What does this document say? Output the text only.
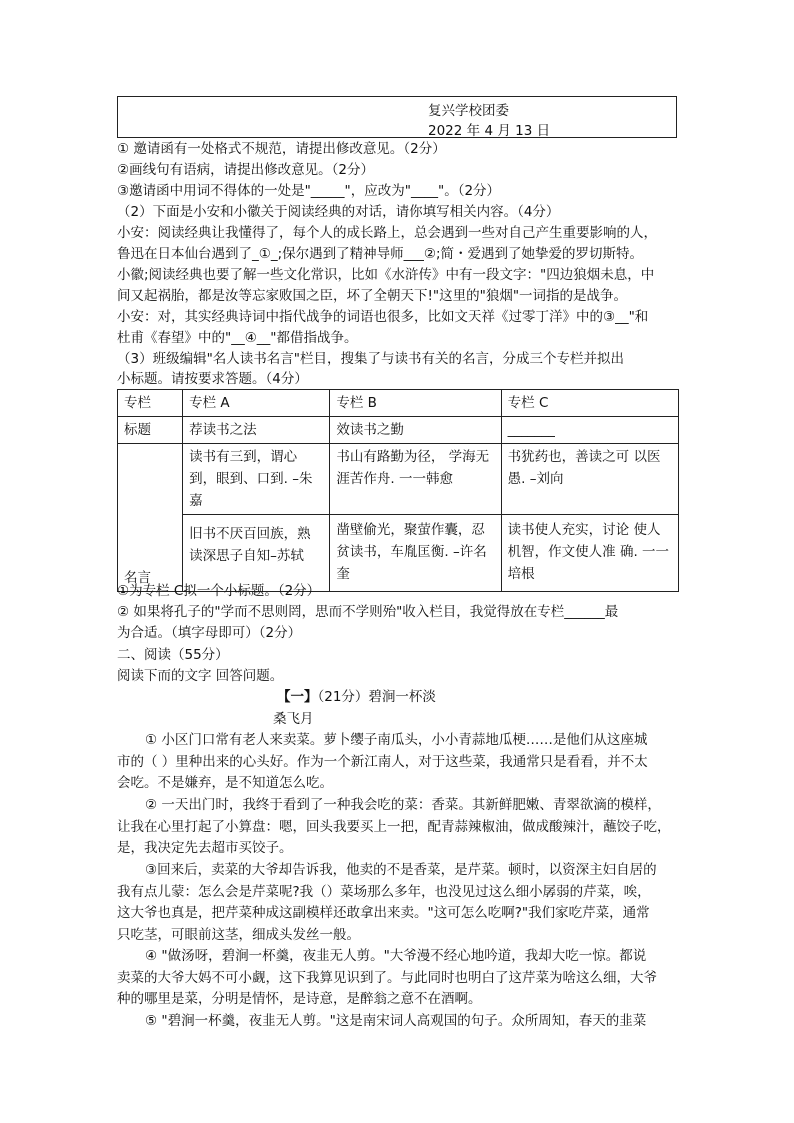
复兴学校团委
2022 年 4 月 13 日
① 邀请函有一处格式不规范，请提出修改意见。（2分）
②画线句有语病，请提出修改意见。（2分）
③邀请函中用词不得体的一处是"_____"，应改为"____"。（2分）
（2）下面是小安和小徽关于阅读经典的对话，请你填写相关内容。（4分）
小安：阅读经典让我懂得了，每个人的成长路上，总会遇到一些对自己产生重要影响的人，
鲁迅在日本仙台遇到了_①_;保尔遇到了精神导师___②;简・爱遇到了她挚爱的罗切斯特。
小徽;阅读经典也要了解一些文化常识，比如《水浒传》中有一段文字："四边狼烟未息，中
间又起祸胎，都是汝等忘家败国之臣，坏了全朝天下!"这里的"狼烟"一词指的是战争。
小安：对，其实经典诗词中指代战争的词语也很多，比如文天祥《过零丁洋》中的③__"和
杜甫《春望》中的"__④__"都借指战争。
（3）班级编辑"名人读书名言"栏目，搜集了与读书有关的名言，分成三个专栏并拟出
小标题。请按要求答题。（4分）
专栏	专栏 A	专栏 B	专栏 C
标题	荐读书之法	效读书之勤	_______
名言	读书有三到，谓心到，眼到、口到. –朱嘉	书山有路勤为径， 学海无涯苦作舟. 一一韩愈	书犹药也，善读之可 以医愚. –刘向
	旧书不厌百回族，熟读深思子自知–苏轼	凿壁偷光，聚萤作囊，忍贫读书，车胤匡衡. –许名奎	读书使人充实，讨论 使人机智，作文使人准 确. 一一培根
①为专栏 C拟一个小标题。（2分）
② 如果将孔子的"学而不思则罔，思而不学则殆"收入栏目，我觉得放在专栏______最
为合适。（填字母即可）（2分）
二、阅读（55分）
阅读下而的文字 回答问题。
【一】（21分）碧涧一杯淡
桑飞月
① 小区门口常有老人来卖菜。萝卜缨子南瓜头，小小青蒜地瓜梗……是他们从这座城
市的（ ）里种出来的心头好。作为一个新江南人，对于这些菜，我通常只是看看，并不太
会吃。不是嫌弃，是不知道怎么吃。
② 一天出门时，我终于看到了一种我会吃的菜：香菜。其新鲜肥嫩、青翠欲滴的模样，
让我在心里打起了小算盘：嗯，回头我要买上一把，配青蒜辣椒油，做成酸辣汁，蘸饺子吃，
是，我决定先去超市买饺子。
③回来后，卖菜的大爷却告诉我，他卖的不是香菜，是芹菜。顿时，以资深主妇自居的
我有点儿蒙：怎么会是芹菜呢?我（）菜场那么多年，也没见过这么细小孱弱的芹菜，唉，
这大爷也真是，把芹菜种成这副模样还敢拿出来卖。"这可怎么吃啊?"我们家吃芹菜，通常
只吃茎，可眼前这茎，细成头发丝一般。
④ "做汤呀，碧涧一杯羹，夜韭无人剪。"大爷漫不经心地吟道，我却大吃一惊。都说
卖菜的大爷大妈不可小觑，这下我算见识到了。与此同时也明白了这芹菜为啥这么细，大爷
种的哪里是菜，分明是情怀，是诗意，是醉翁之意不在酒啊。
⑤ "碧涧一杯羹，夜韭无人剪。"这是南宋词人高观国的句子。众所周知，春天的韭菜
